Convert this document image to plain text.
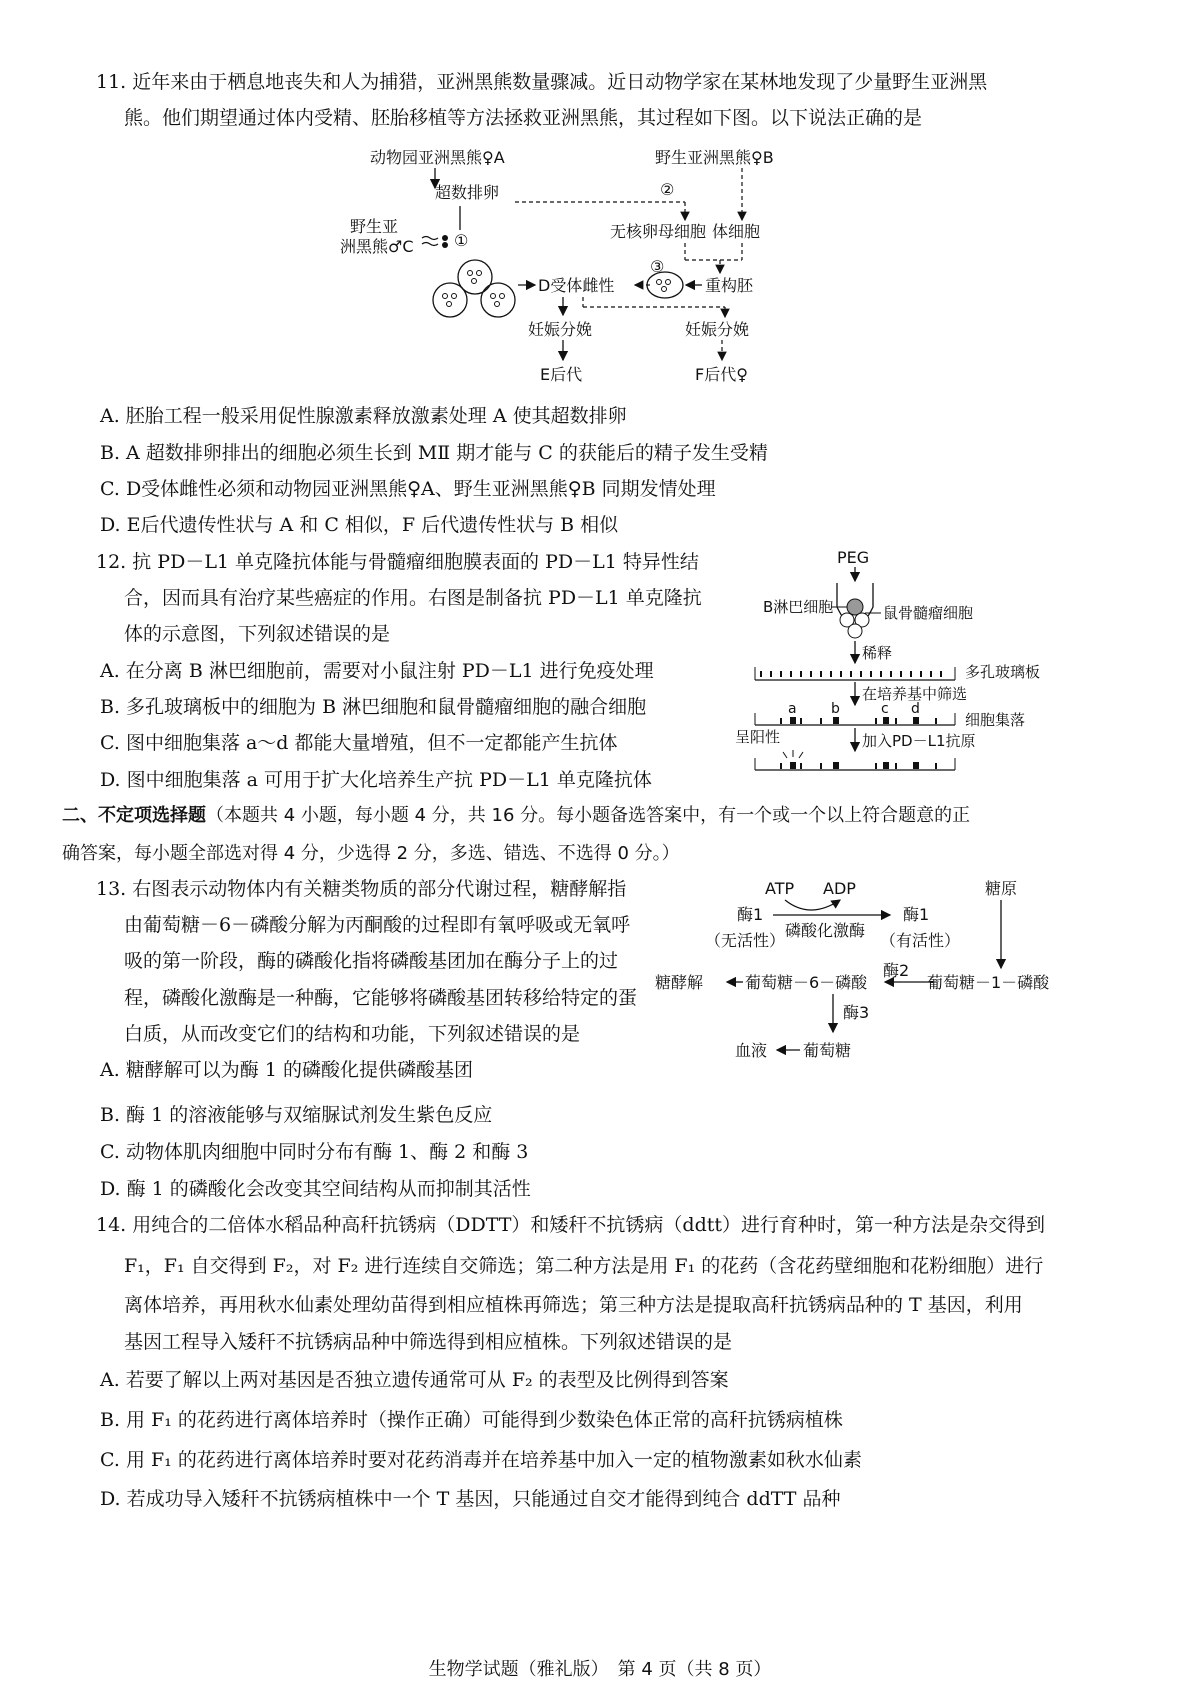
11. 近年来由于栖息地丧失和人为捕猎，亚洲黑熊数量骤减。近日动物学家在某林地发现了少量野生亚洲黑
熊。他们期望通过体内受精、胚胎移植等方法拯救亚洲黑熊，其过程如下图。以下说法正确的是
动物园亚洲黑熊♀A	野生亚洲黑熊♀B
超数排卵	②
无核卵母细胞 体细胞
野生亚
洲黑熊♂C	①
D受体雌性	重构胚
③
妊娠分娩	妊娠分娩
E后代	F后代♀
A. 胚胎工程一般采用促性腺激素释放激素处理 A 使其超数排卵
B. A 超数排卵排出的细胞必须生长到 MⅡ 期才能与 C 的获能后的精子发生受精
C. D受体雌性必须和动物园亚洲黑熊♀A、野生亚洲黑熊♀B 同期发情处理
D. E后代遗传性状与 A 和 C 相似，F 后代遗传性状与 B 相似
12. 抗 PD－L1 单克隆抗体能与骨髓瘤细胞膜表面的 PD－L1 特异性结
合，因而具有治疗某些癌症的作用。右图是制备抗 PD－L1 单克隆抗
体的示意图，下列叙述错误的是
A. 在分离 B 淋巴细胞前，需要对小鼠注射 PD－L1 进行免疫处理
B. 多孔玻璃板中的细胞为 B 淋巴细胞和鼠骨髓瘤细胞的融合细胞
C. 图中细胞集落 a～d 都能大量增殖，但不一定都能产生抗体
D. 图中细胞集落 a 可用于扩大化培养生产抗 PD－L1 单克隆抗体
PEG
B淋巴细胞	鼠骨髓瘤细胞
稀释
多孔玻璃板
在培养基中筛选
a b	c d
细胞集落
加入PD－L1抗原
呈阳性
二、不定项选择题（本题共 4 小题，每小题 4 分，共 16 分。每小题备选答案中，有一个或一个以上符合题意的正
确答案，每小题全部选对得 4 分，少选得 2 分，多选、错选、不选得 0 分。）
13. 右图表示动物体内有关糖类物质的部分代谢过程，糖酵解指
由葡萄糖－6－磷酸分解为丙酮酸的过程即有氧呼吸或无氧呼
吸的第一阶段，酶的磷酸化指将磷酸基团加在酶分子上的过
程，磷酸化激酶是一种酶，它能够将磷酸基团转移给特定的蛋
白质，从而改变它们的结构和功能，下列叙述错误的是
A. 糖酵解可以为酶 1 的磷酸化提供磷酸基团
B. 酶 1 的溶液能够与双缩脲试剂发生紫色反应
C. 动物体肌肉细胞中同时分布有酶 1、酶 2 和酶 3
D. 酶 1 的磷酸化会改变其空间结构从而抑制其活性
ATP ADP
酶1
（无活性）
磷酸化激酶
酶1
（有活性）
糖原
糖酵解	葡萄糖－6－磷酸
酶2
葡萄糖－1－磷酸
酶3
血液 葡萄糖
14. 用纯合的二倍体水稻品种高秆抗锈病（DDTT）和矮秆不抗锈病（ddtt）进行育种时，第一种方法是杂交得到
F₁，F₁ 自交得到 F₂，对 F₂ 进行连续自交筛选；第二种方法是用 F₁ 的花药（含花药壁细胞和花粉细胞）进行
离体培养，再用秋水仙素处理幼苗得到相应植株再筛选；第三种方法是提取高秆抗锈病品种的 T 基因，利用
基因工程导入矮秆不抗锈病品种中筛选得到相应植株。下列叙述错误的是
A. 若要了解以上两对基因是否独立遗传通常可从 F₂ 的表型及比例得到答案
B. 用 F₁ 的花药进行离体培养时（操作正确）可能得到少数染色体正常的高秆抗锈病植株
C. 用 F₁ 的花药进行离体培养时要对花药消毒并在培养基中加入一定的植物激素如秋水仙素
D. 若成功导入矮秆不抗锈病植株中一个 T 基因，只能通过自交才能得到纯合 ddTT 品种
生物学试题（雅礼版）　第 4 页（共 8 页）
